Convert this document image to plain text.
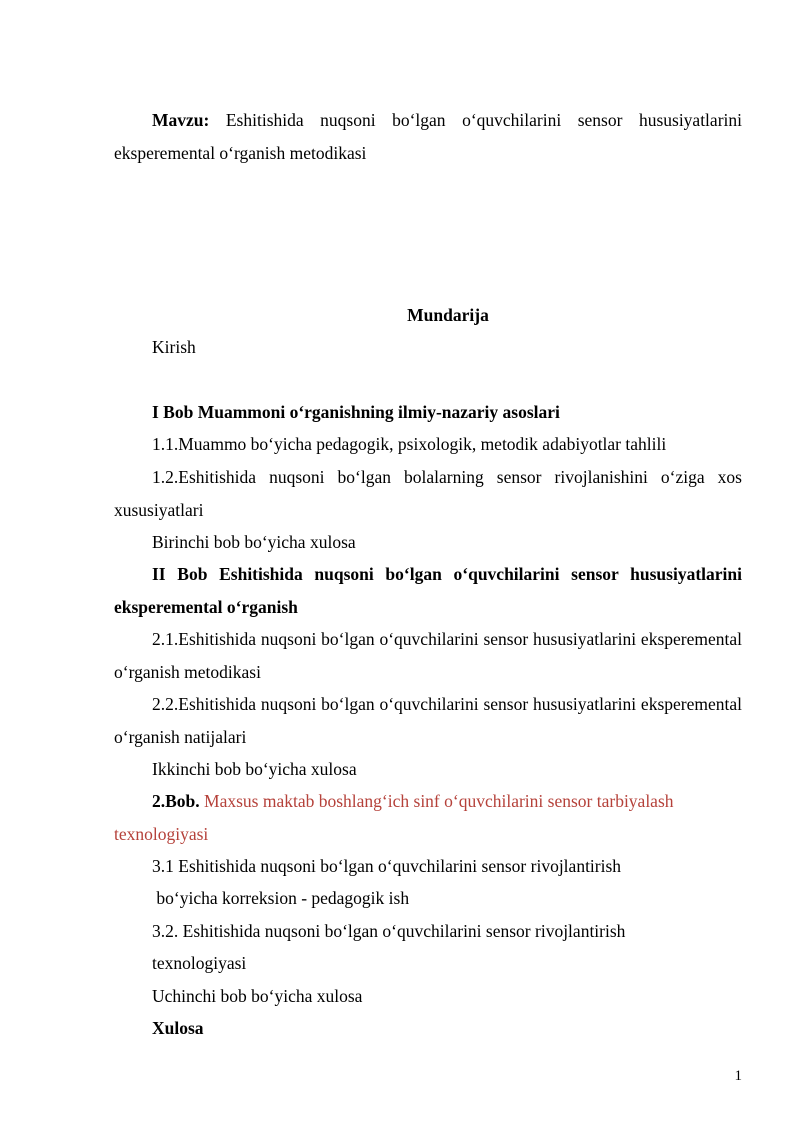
Mavzu: Eshitishida nuqsoni bo‘lgan o‘quvchilarini sensor hususiyatlarini eksperemental o‘rganish metodikasi

Mundarija

Kirish

I Bob Muammoni o‘rganishning ilmiy-nazariy asoslari

1.1.Muammo bo‘yicha pedagogik, psixologik, metodik adabiyotlar tahlili

1.2.Eshitishida nuqsoni bo‘lgan bolalarning sensor rivojlanishini o‘ziga xos xususiyatlari

Birinchi bob bo‘yicha xulosa

II Bob Eshitishida nuqsoni bo‘lgan o‘quvchilarini sensor hususiyatlarini eksperemental o‘rganish

2.1.Eshitishida nuqsoni bo‘lgan o‘quvchilarini sensor hususiyatlarini eksperemental o‘rganish metodikasi

2.2.Eshitishida nuqsoni bo‘lgan o‘quvchilarini sensor hususiyatlarini eksperemental o‘rganish natijalari

Ikkinchi bob bo‘yicha xulosa

2.Bob. Maxsus maktab boshlang‘ich sinf o‘quvchilarini sensor tarbiyalash texnologiyasi

3.1 Eshitishida nuqsoni bo‘lgan o‘quvchilarini sensor rivojlantirish

bo‘yicha korreksion - pedagogik ish

3.2. Eshitishida nuqsoni bo‘lgan o‘quvchilarini sensor rivojlantirish

texnologiyasi

Uchinchi bob bo‘yicha xulosa

Xulosa

1
